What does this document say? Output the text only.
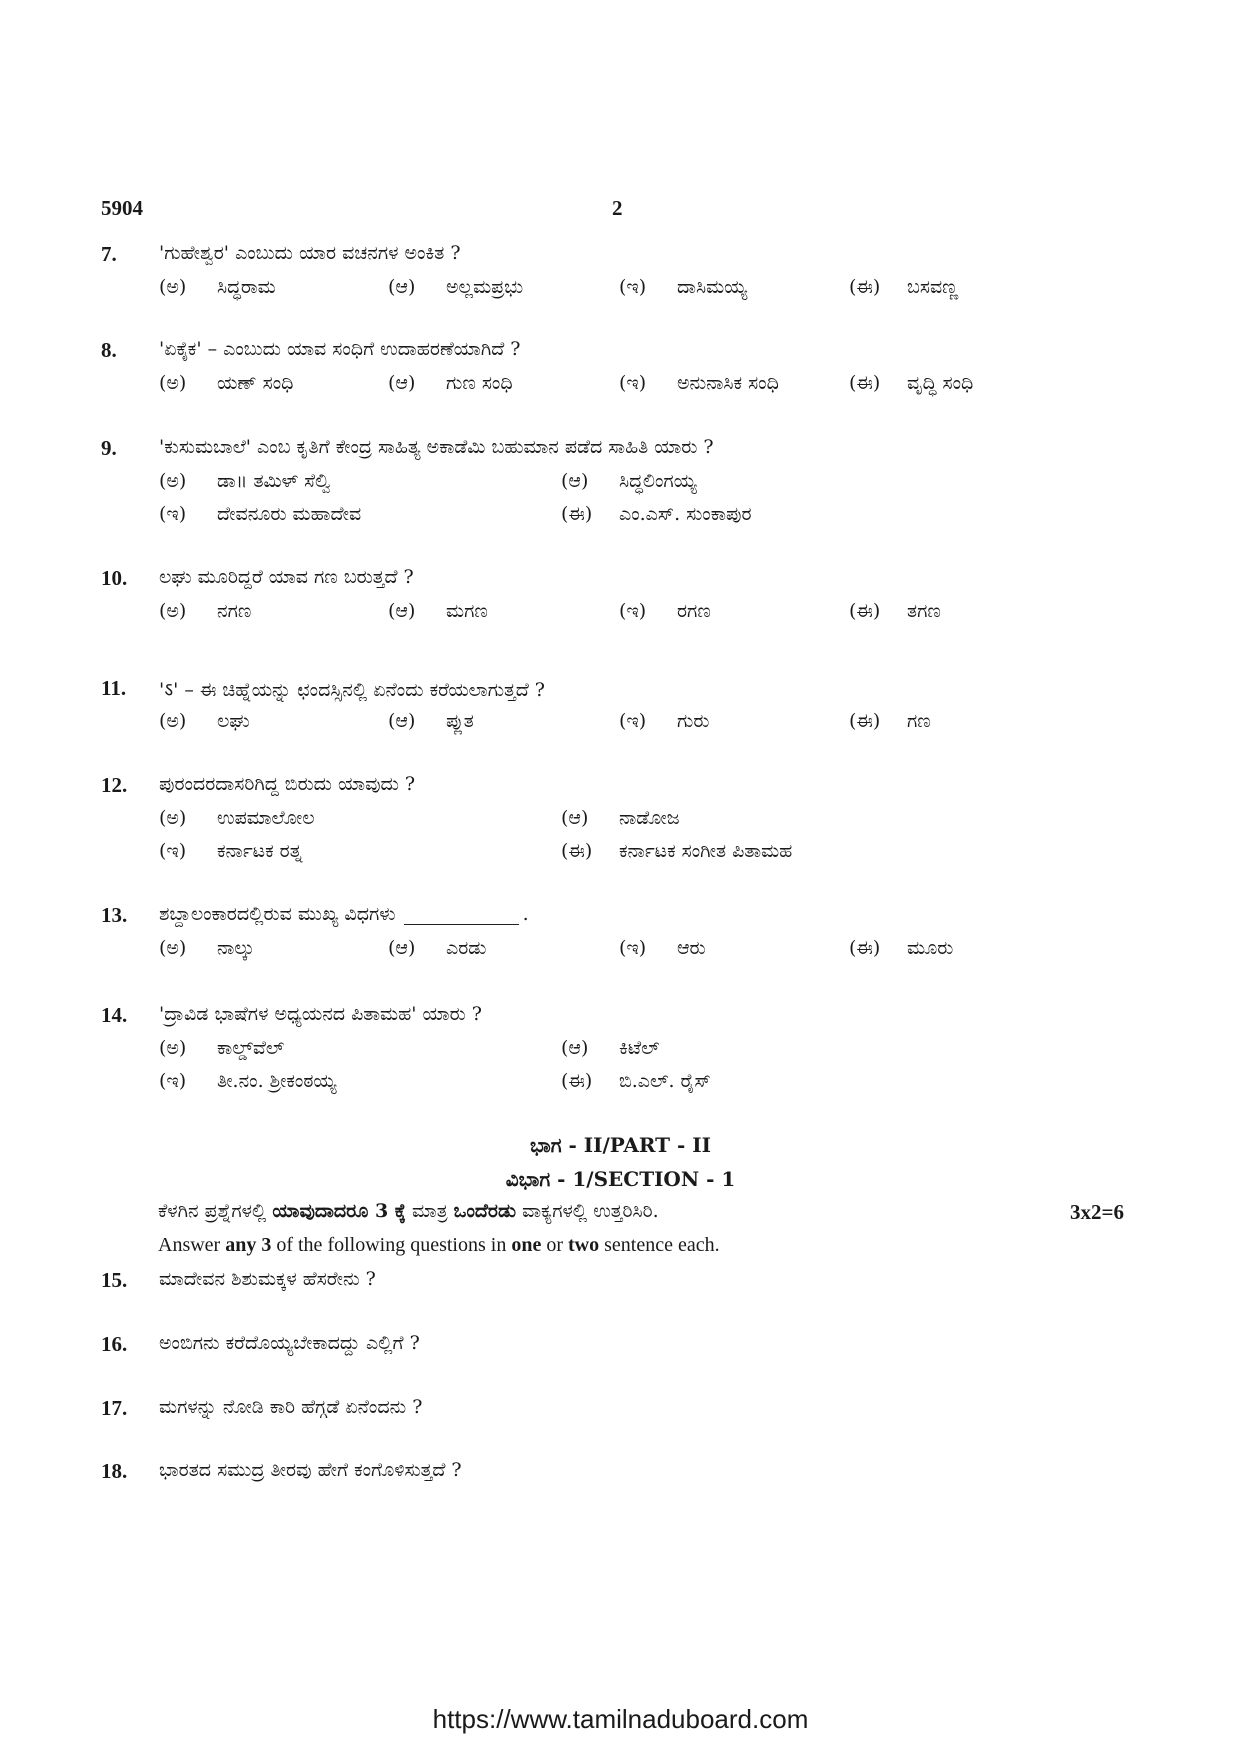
5904	2
7. 'ಗುಹೇಶ್ವರ' ಎಂಬುದು ಯಾರ ವಚನಗಳ ಅಂಕಿತ ?
(ಅ) ಸಿದ್ಧರಾಮ	(ಆ) ಅಲ್ಲಮಪ್ರಭು	(ಇ) ದಾಸಿಮಯ್ಯ	(ಈ) ಬಸವಣ್ಣ
8. 'ಏಕೈಕ' – ಎಂಬುದು ಯಾವ ಸಂಧಿಗೆ ಉದಾಹರಣೆಯಾಗಿದೆ ?
(ಅ) ಯಣ್ ಸಂಧಿ	(ಆ) ಗುಣ ಸಂಧಿ	(ಇ) ಅನುನಾಸಿಕ ಸಂಧಿ	(ಈ) ವೃದ್ಧಿ ಸಂಧಿ
9. 'ಕುಸುಮಬಾಲೆ' ಎಂಬ ಕೃತಿಗೆ ಕೇಂದ್ರ ಸಾಹಿತ್ಯ ಅಕಾಡೆಮಿ ಬಹುಮಾನ ಪಡೆದ ಸಾಹಿತಿ ಯಾರು ?
(ಅ) ಡಾ॥ ತಮಿಳ್ ಸೆಲ್ವಿ	(ಆ) ಸಿದ್ಧಲಿಂಗಯ್ಯ
(ಇ) ದೇವನೂರು ಮಹಾದೇವ	(ಈ) ಎಂ.ಎಸ್. ಸುಂಕಾಪುರ
10. ಲಘು ಮೂರಿದ್ದರೆ ಯಾವ ಗಣ ಬರುತ್ತದೆ ?
(ಅ) ನಗಣ	(ಆ) ಮಗಣ	(ಇ) ರಗಣ	(ಈ) ತಗಣ
11. 'ऽ' – ಈ ಚಿಹ್ನೆಯನ್ನು ಛಂದಸ್ಸಿನಲ್ಲಿ ಏನೆಂದು ಕರೆಯಲಾಗುತ್ತದೆ ?
(ಅ) ಲಘು	(ಆ) ಪ್ಲುತ	(ಇ) ಗುರು	(ಈ) ಗಣ
12. ಪುರಂದರದಾಸರಿಗಿದ್ದ ಬಿರುದು ಯಾವುದು ?
(ಅ) ಉಪಮಾಲೋಲ	(ಆ) ನಾಡೋಜ
(ಇ) ಕರ್ನಾಟಕ ರತ್ನ	(ಈ) ಕರ್ನಾಟಕ ಸಂಗೀತ ಪಿತಾಮಹ
13. ಶಬ್ದಾಲಂಕಾರದಲ್ಲಿರುವ ಮುಖ್ಯ ವಿಧಗಳು	.
(ಅ) ನಾಲ್ಕು	(ಆ) ಎರಡು	(ಇ) ಆರು	(ಈ) ಮೂರು
14. 'ದ್ರಾವಿಡ ಭಾಷೆಗಳ ಅಧ್ಯಯನದ ಪಿತಾಮಹ' ಯಾರು ?
(ಅ) ಕಾಲ್ಡ್‌ವೆಲ್	(ಆ) ಕಿಟೆಲ್
(ಇ) ತೀ.ನಂ. ಶ್ರೀಕಂಠಯ್ಯ	(ಈ) ಬಿ.ಎಲ್. ರೈಸ್
ಭಾಗ - II/PART - II
ವಿಭಾಗ - 1/SECTION - 1
ಕೆಳಗಿನ ಪ್ರಶ್ನೆಗಳಲ್ಲಿ ಯಾವುದಾದರೂ 3 ಕ್ಕೆ ಮಾತ್ರ ಒಂದೆರಡು ವಾಕ್ಯಗಳಲ್ಲಿ ಉತ್ತರಿಸಿರಿ.	3x2=6
Answer any 3 of the following questions in one or two sentence each.
15. ಮಾದೇವನ ಶಿಶುಮಕ್ಕಳ ಹೆಸರೇನು ?
16. ಅಂಬಿಗನು ಕರೆದೊಯ್ಯಬೇಕಾದದ್ದು ಎಲ್ಲಿಗೆ ?
17. ಮಗಳನ್ನು ನೋಡಿ ಕಾರಿ ಹೆಗ್ಗಡೆ ಏನೆಂದನು ?
18. ಭಾರತದ ಸಮುದ್ರ ತೀರವು ಹೇಗೆ ಕಂಗೊಳಿಸುತ್ತದೆ ?
https://www.tamilnaduboard.com
